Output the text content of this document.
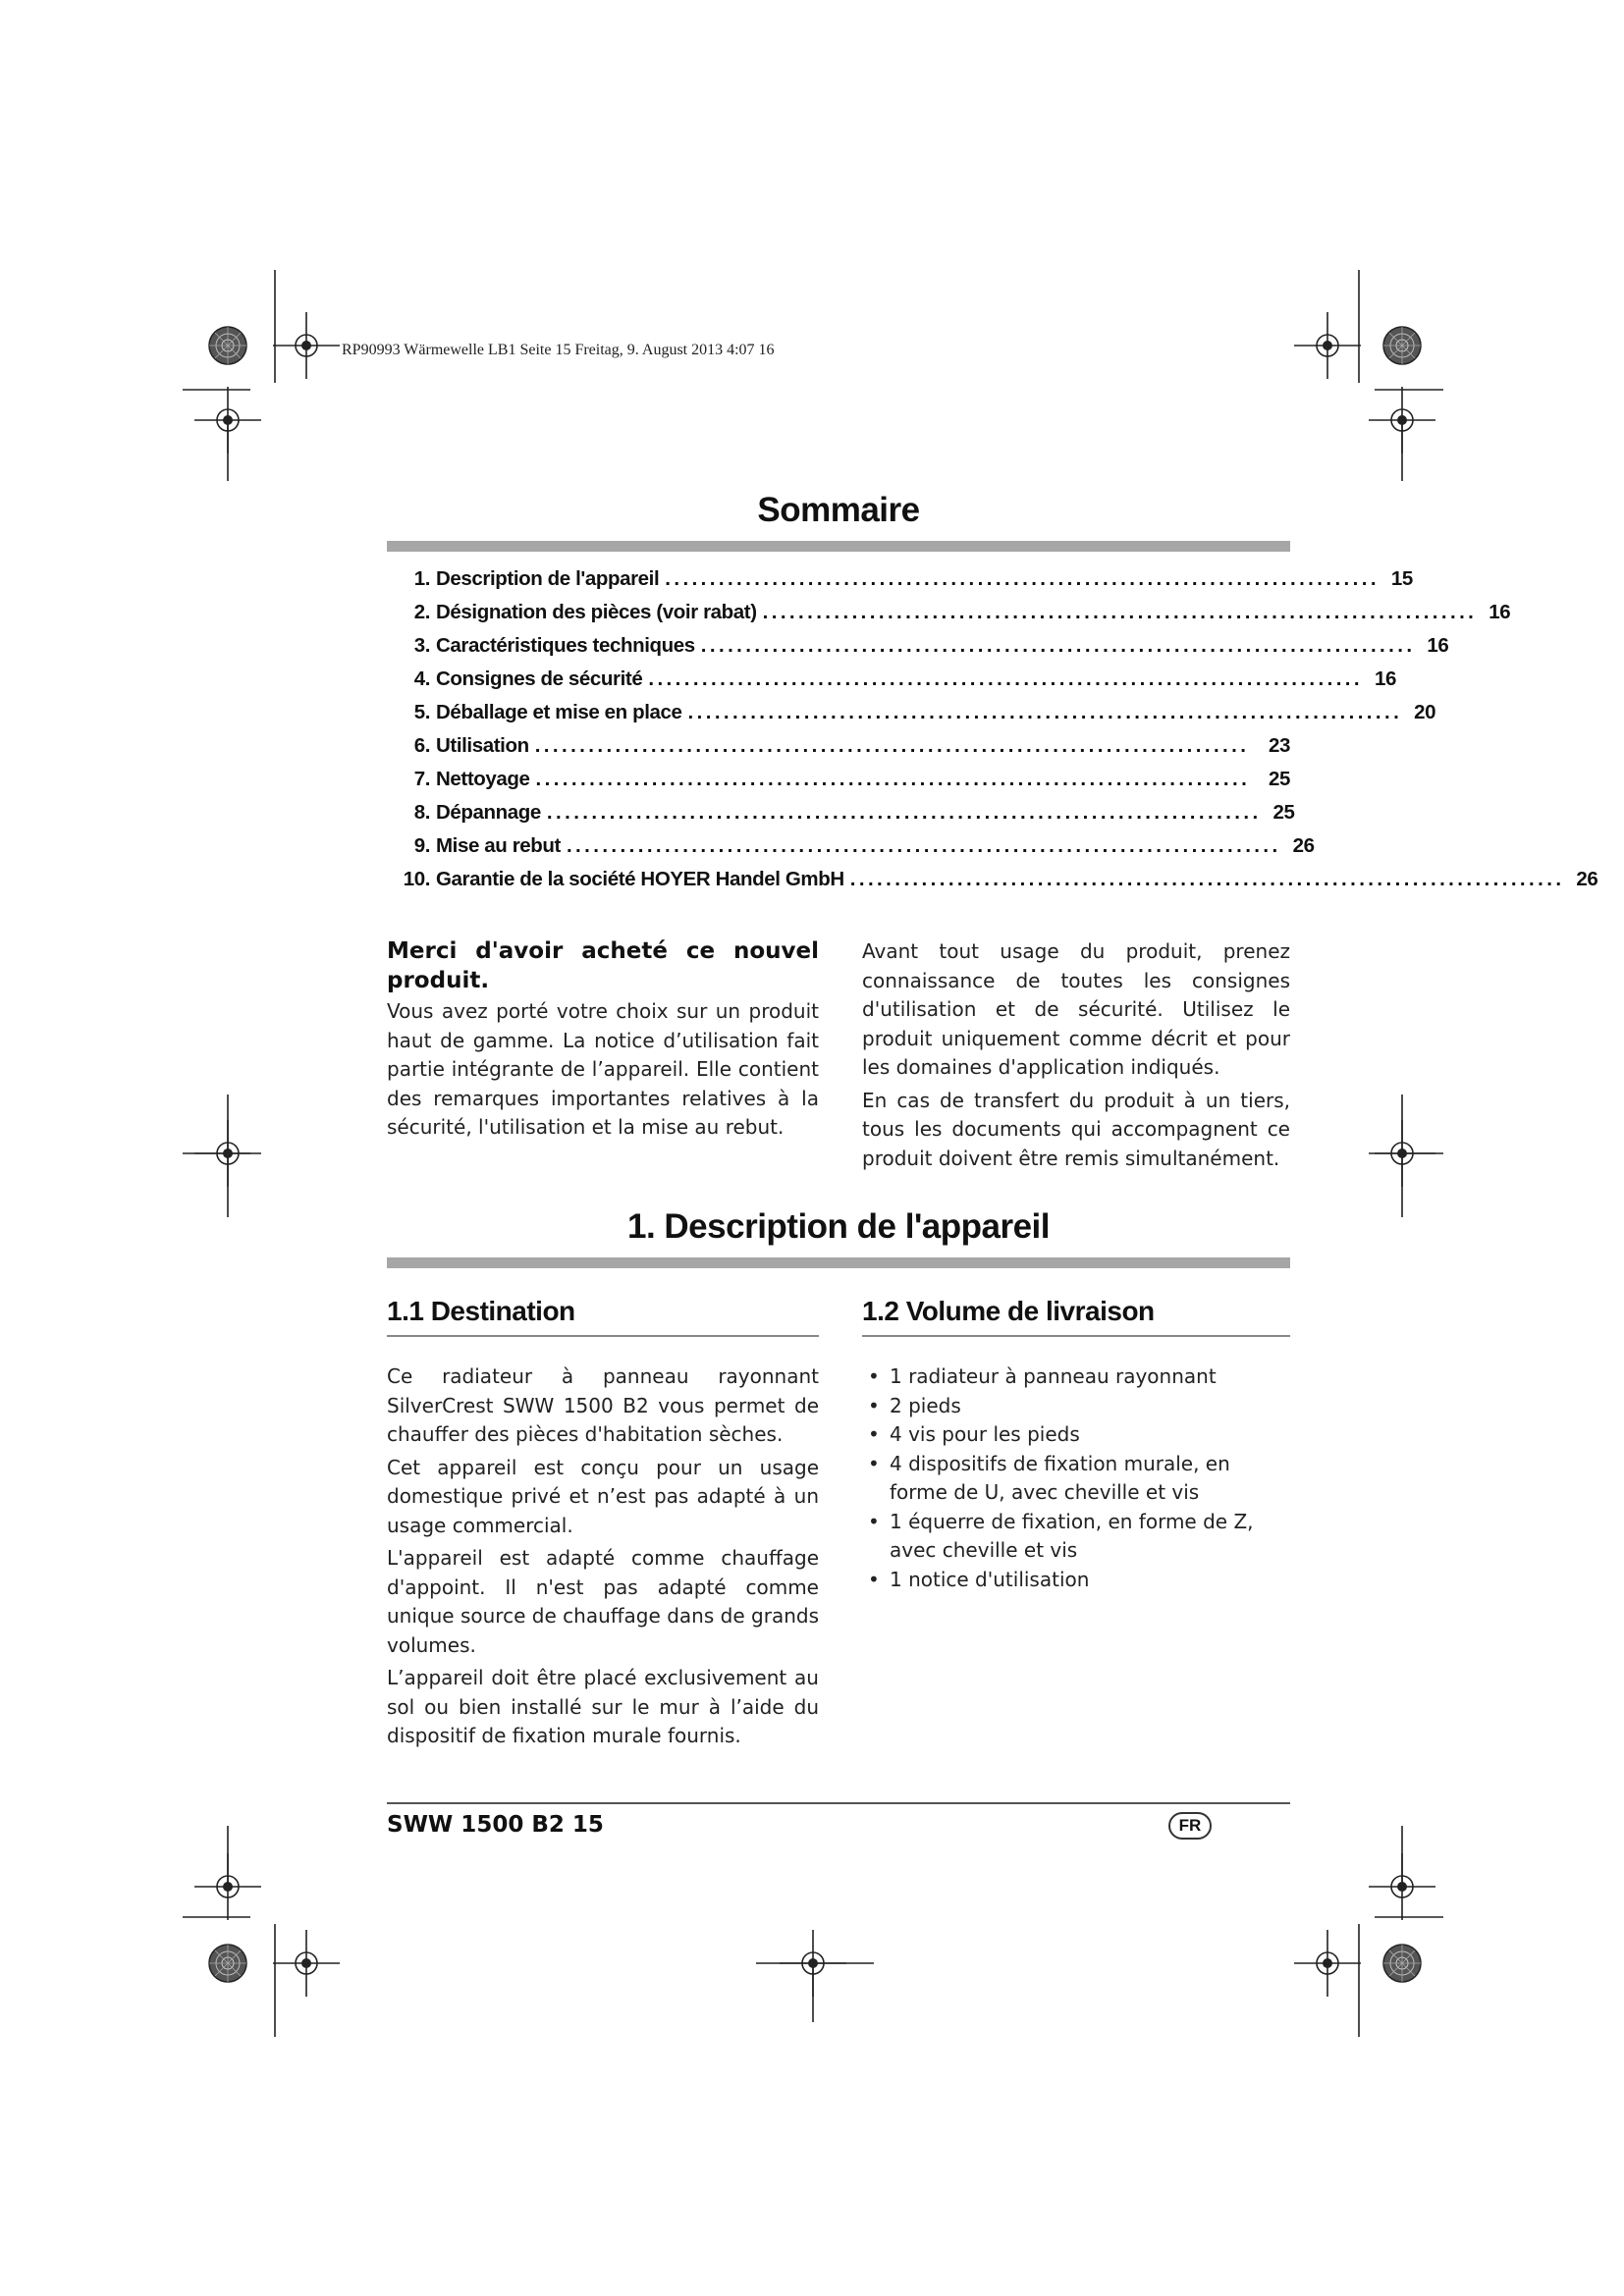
RP90993 Wärmewelle LB1 Seite 15 Freitag, 9. August 2013 4:07 16
Sommaire
1. Description de l'appareil ................................................................................ 15
2. Désignation des pièces (voir rabat) ................................................................................ 16
3. Caractéristiques techniques ................................................................................ 16
4. Consignes de sécurité ................................................................................ 16
5. Déballage et mise en place ................................................................................ 20
6. Utilisation ................................................................................ 23
7. Nettoyage ................................................................................ 25
8. Dépannage ................................................................................ 25
9. Mise au rebut ................................................................................ 26
10. Garantie de la société HOYER Handel GmbH ................................................................................ 26
Merci d'avoir acheté ce nouvel produit.

Vous avez porté votre choix sur un produit haut de gamme. La notice d’utilisation fait partie intégrante de l’appareil. Elle contient des remarques importantes relatives à la sécurité, l'utilisation et la mise au rebut.

Avant tout usage du produit, prenez connaissance de toutes les consignes d'utilisation et de sécurité. Utilisez le produit uniquement comme décrit et pour les domaines d'application indiqués.

En cas de transfert du produit à un tiers, tous les documents qui accompagnent ce produit doivent être remis simultanément.

1. Description de l'appareil
1.1 Destination	1.2 Volume de livraison

Ce radiateur à panneau rayonnant SilverCrest SWW 1500 B2 vous permet de chauffer des pièces d'habitation sèches.

Cet appareil est conçu pour un usage domestique privé et n’est pas adapté à un usage commercial.

L'appareil est adapté comme chauffage d'appoint. Il n'est pas adapté comme unique source de chauffage dans de grands volumes.

L’appareil doit être placé exclusivement au sol ou bien installé sur le mur à l’aide du dispositif de fixation murale fournis.

• 1 radiateur à panneau rayonnant
• 2 pieds
• 4 vis pour les pieds
• 4 dispositifs de fixation murale, en forme de U, avec cheville et vis
• 1 équerre de fixation, en forme de Z, avec cheville et vis
• 1 notice d'utilisation
SWW 1500 B2 15	FR
